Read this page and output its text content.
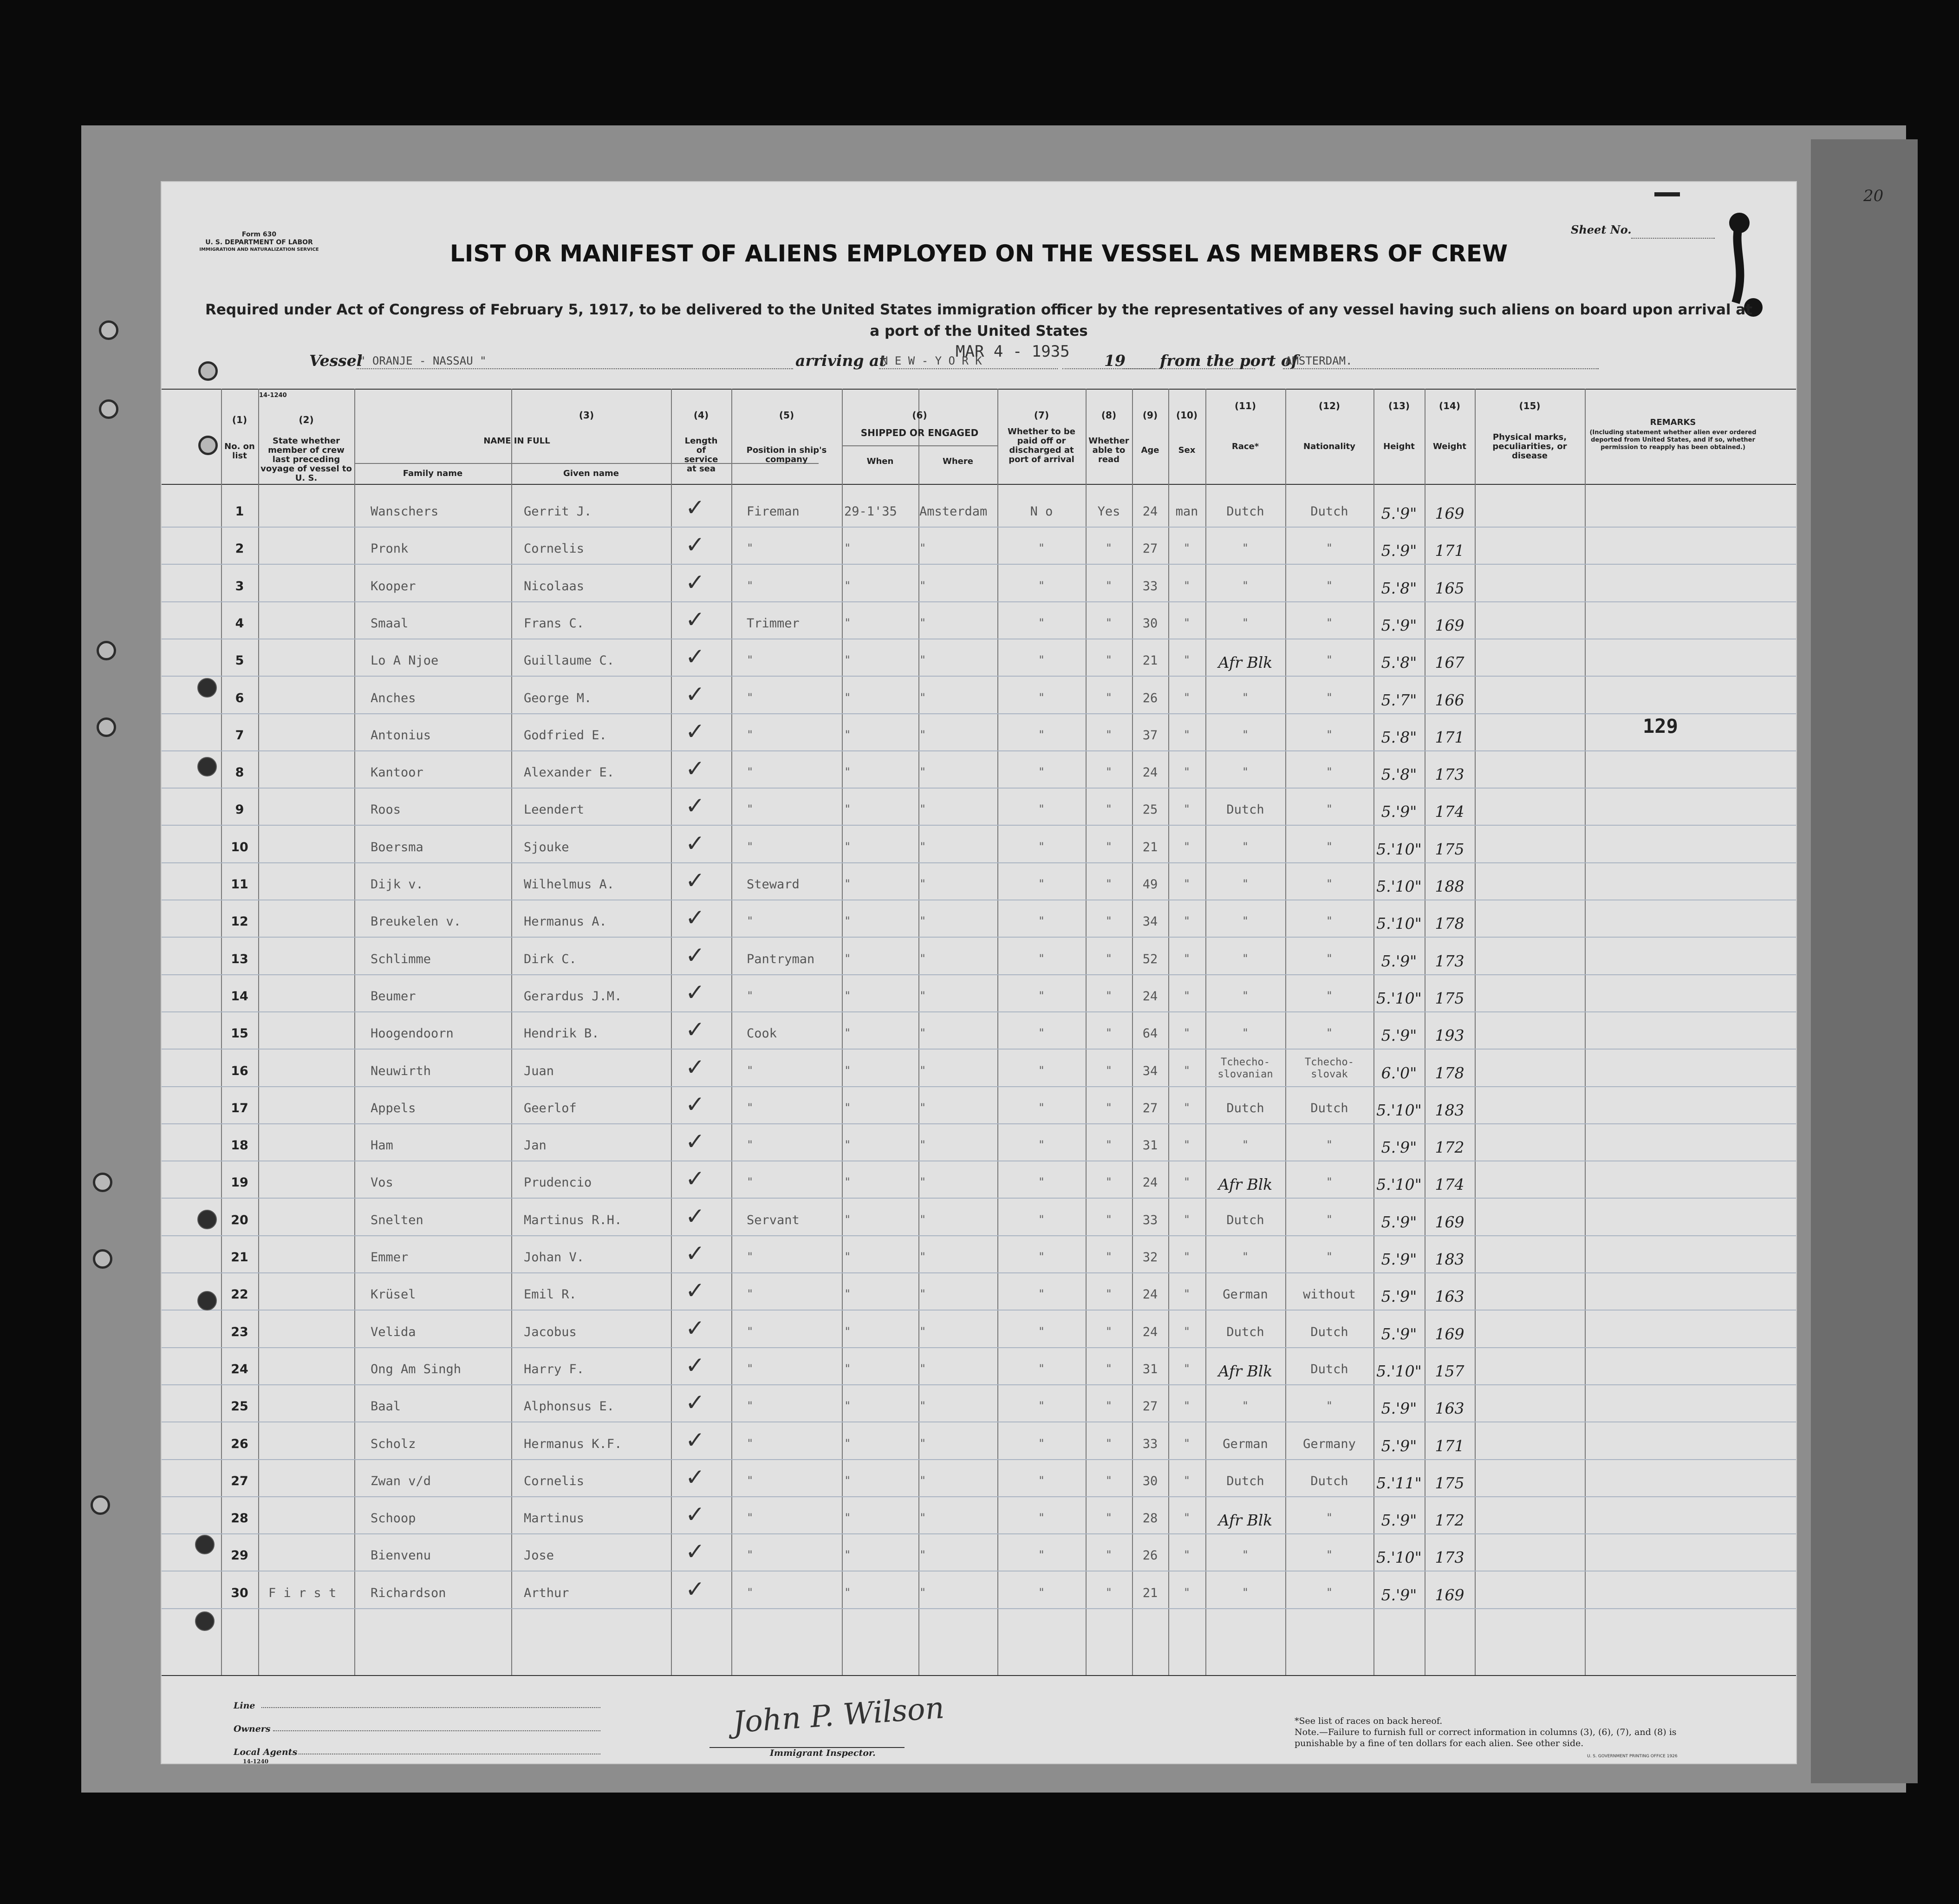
Form 630
U. S. DEPARTMENT OF LABOR
IMMIGRATION AND NATURALIZATION SERVICE
Sheet No.
20
LIST OR MANIFEST OF ALIENS EMPLOYED ON THE VESSEL AS MEMBERS OF CREW
Required under Act of Congress of February 5, 1917, to be delivered to the United States immigration officer by the representatives of any vessel having such aliens on board upon arrival at a port of the United States
Vessel
" ORANJE - NASSAU "	arriving at
N E W - Y O R K
MAR 4 - 1935 19 from the port of
AMSTERDAM.
(1)
No. on list
14-1240
(2)
State whether member of crew last preceding voyage of vessel to U. S.
(3)
NAME IN FULL
Family name	Given name
(4)
Length of service at sea
(5)
Position in ship's company
(6)
SHIPPED OR ENGAGED
When	Where
(7)
Whether to be paid off or discharged at port of arrival
(8)
Whether able to read
(9)
Age
(10)
Sex
(11)
Race*
(12)
Nationality
(13)
Height
(14)
Weight
(15)
Physical marks, peculiarities, or disease
REMARKS
(Including statement whether alien ever ordered deported from United States, and if so, whether permission to reapply has been obtained.)
1	Wanschers	Gerrit J.	Fireman	29-1'35	Amsterdam	N o	Yes	24	man	Dutch	Dutch	5.'9"	169
✓
2	Pronk	Cornelis	"	"	"	"	"	27	"	"	"	5.'9"	171
✓
3	Kooper	Nicolaas	"	"	"	"	"	33	"	"	"	5.'8"	165
✓
4	Smaal	Frans C.	Trimmer	"	"	"	"	30	"	"	"	5.'9"	169
✓
5	Lo A Njoe	Guillaume C.	"	"	"	"	"	21	"	Afr Blk	"	5.'8"	167
✓
6	Anches	George M.	"	"	"	"	"	26	"	"	"	5.'7"	166
✓
7	Antonius	Godfried E.	"	"	"	"	"	37	"	"	"	5.'8"	171
✓
8	Kantoor	Alexander E.	"	"	"	"	"	24	"	"	"	5.'8"	173
✓
9	Roos	Leendert	"	"	"	"	"	25	"	Dutch	"	5.'9"	174
✓
10	Boersma	Sjouke	"	"	"	"	"	21	"	"	"	5.'10" 175
✓
11	Dijk v.	Wilhelmus A.	Steward	"	"	"	"	49	"	"	"	5.'10" 188
✓
12	Breukelen v.	Hermanus A.	"	"	"	"	"	34	"	"	"	5.'10" 178
✓
13	Schlimme	Dirk C.	Pantryman	"	"	"	"	52	"	"	"	5.'9"	173
✓
14	Beumer	Gerardus J.M.	"	"	"	"	"	24	"	"	"	5.'10" 175
✓
15	Hoogendoorn	Hendrik B.	Cook	"	"	"	"	64	"	"	"	5.'9"	193
✓
16	Neuwirth	Juan	"	"	"	"	"	34	"
Tchecho- slovanian
Tchecho- slovak	6.'0"	178
✓
17	Appels	Geerlof	"	"	"	"	"	27	"	Dutch	Dutch	5.'10" 183
✓
18	Ham	Jan	"	"	"	"	"	31	"	"	"	5.'9"	172
✓
19	Vos	Prudencio	"	"	"	"	"	24	"	Afr Blk	"	5.'10" 174
✓
20	Snelten	Martinus R.H.	Servant	"	"	"	"	33	"	Dutch	"	5.'9"	169
✓
21	Emmer	Johan V.	"	"	"	"	"	32	"	"	"	5.'9"	183
✓
22	Krüsel	Emil R.	"	"	"	"	"	24	"	German	without	5.'9"	163
✓
23	Velida	Jacobus	"	"	"	"	"	24	"	Dutch	Dutch	5.'9"	169
✓
24	Ong Am Singh	Harry F.	"	"	"	"	"	31	"	Afr Blk	Dutch	5.'10" 157
✓
25	Baal	Alphonsus E.	"	"	"	"	"	27	"	"	"	5.'9"	163
✓
26	Scholz	Hermanus K.F.	"	"	"	"	"	33	"	German	Germany	5.'9"	171
✓
27	Zwan v/d	Cornelis	"	"	"	"	"	30	"	Dutch	Dutch	5.'11" 175
✓
28	Schoop	Martinus	"	"	"	"	"	28	"	Afr Blk	"	5.'9"	172
✓
29	Bienvenu	Jose	"	"	"	"	"	26	"	"	"	5.'10" 173
✓
30	F i r s t	Richardson	Arthur	"	"	"	"	"	21	"	"	"	5.'9"	169
✓
129
Line
Owners
Local Agents
14-1240
John P. Wilson
Immigrant Inspector.
*See list of races on back hereof.
Note.—Failure to furnish full or correct information in columns (3), (6), (7), and (8) is punishable by a fine of ten dollars for each alien. See other side.
U. S. GOVERNMENT PRINTING OFFICE 1926
